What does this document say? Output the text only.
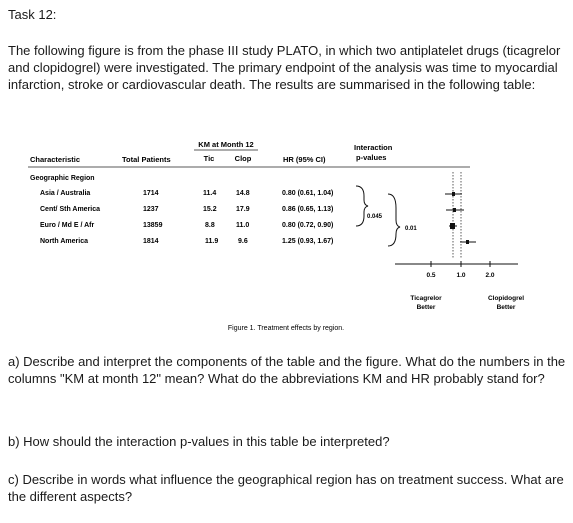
Task 12:
The following figure is from the phase III study PLATO, in which two antiplatelet drugs (ticagrelor and clopidogrel) were investigated. The primary endpoint of the analysis was time to myocardial infarction, stroke or cardiovascular death. The results are summarised in the following table:
KM at Month 12
Tic	Clop
Interaction
p-values
Characteristic	Total Patients	HR (95% CI)
Geographic Region
Asia / Australia	1714	11.4	14.8	0.80 (0.61, 1.04)
Cent/ Sth America	1237	15.2	17.9	0.86 (0.65, 1.13)
Euro / Md E / Afr	13859	8.8	11.0	0.80 (0.72, 0.90)
North America	1814	11.9	9.6	1.25 (0.93, 1.67)
0.045
0.01
0.5	1.0	2.0
Ticagrelor
Better
Clopidogrel
Better
Figure 1. Treatment effects by region.
a) Describe and interpret the components of the table and the figure. What do the numbers in the columns "KM at month 12" mean? What do the abbreviations KM and HR probably stand for?
b) How should the interaction p-values in this table be interpreted?
c) Describe in words what influence the geographical region has on treatment success. What are the different aspects?
